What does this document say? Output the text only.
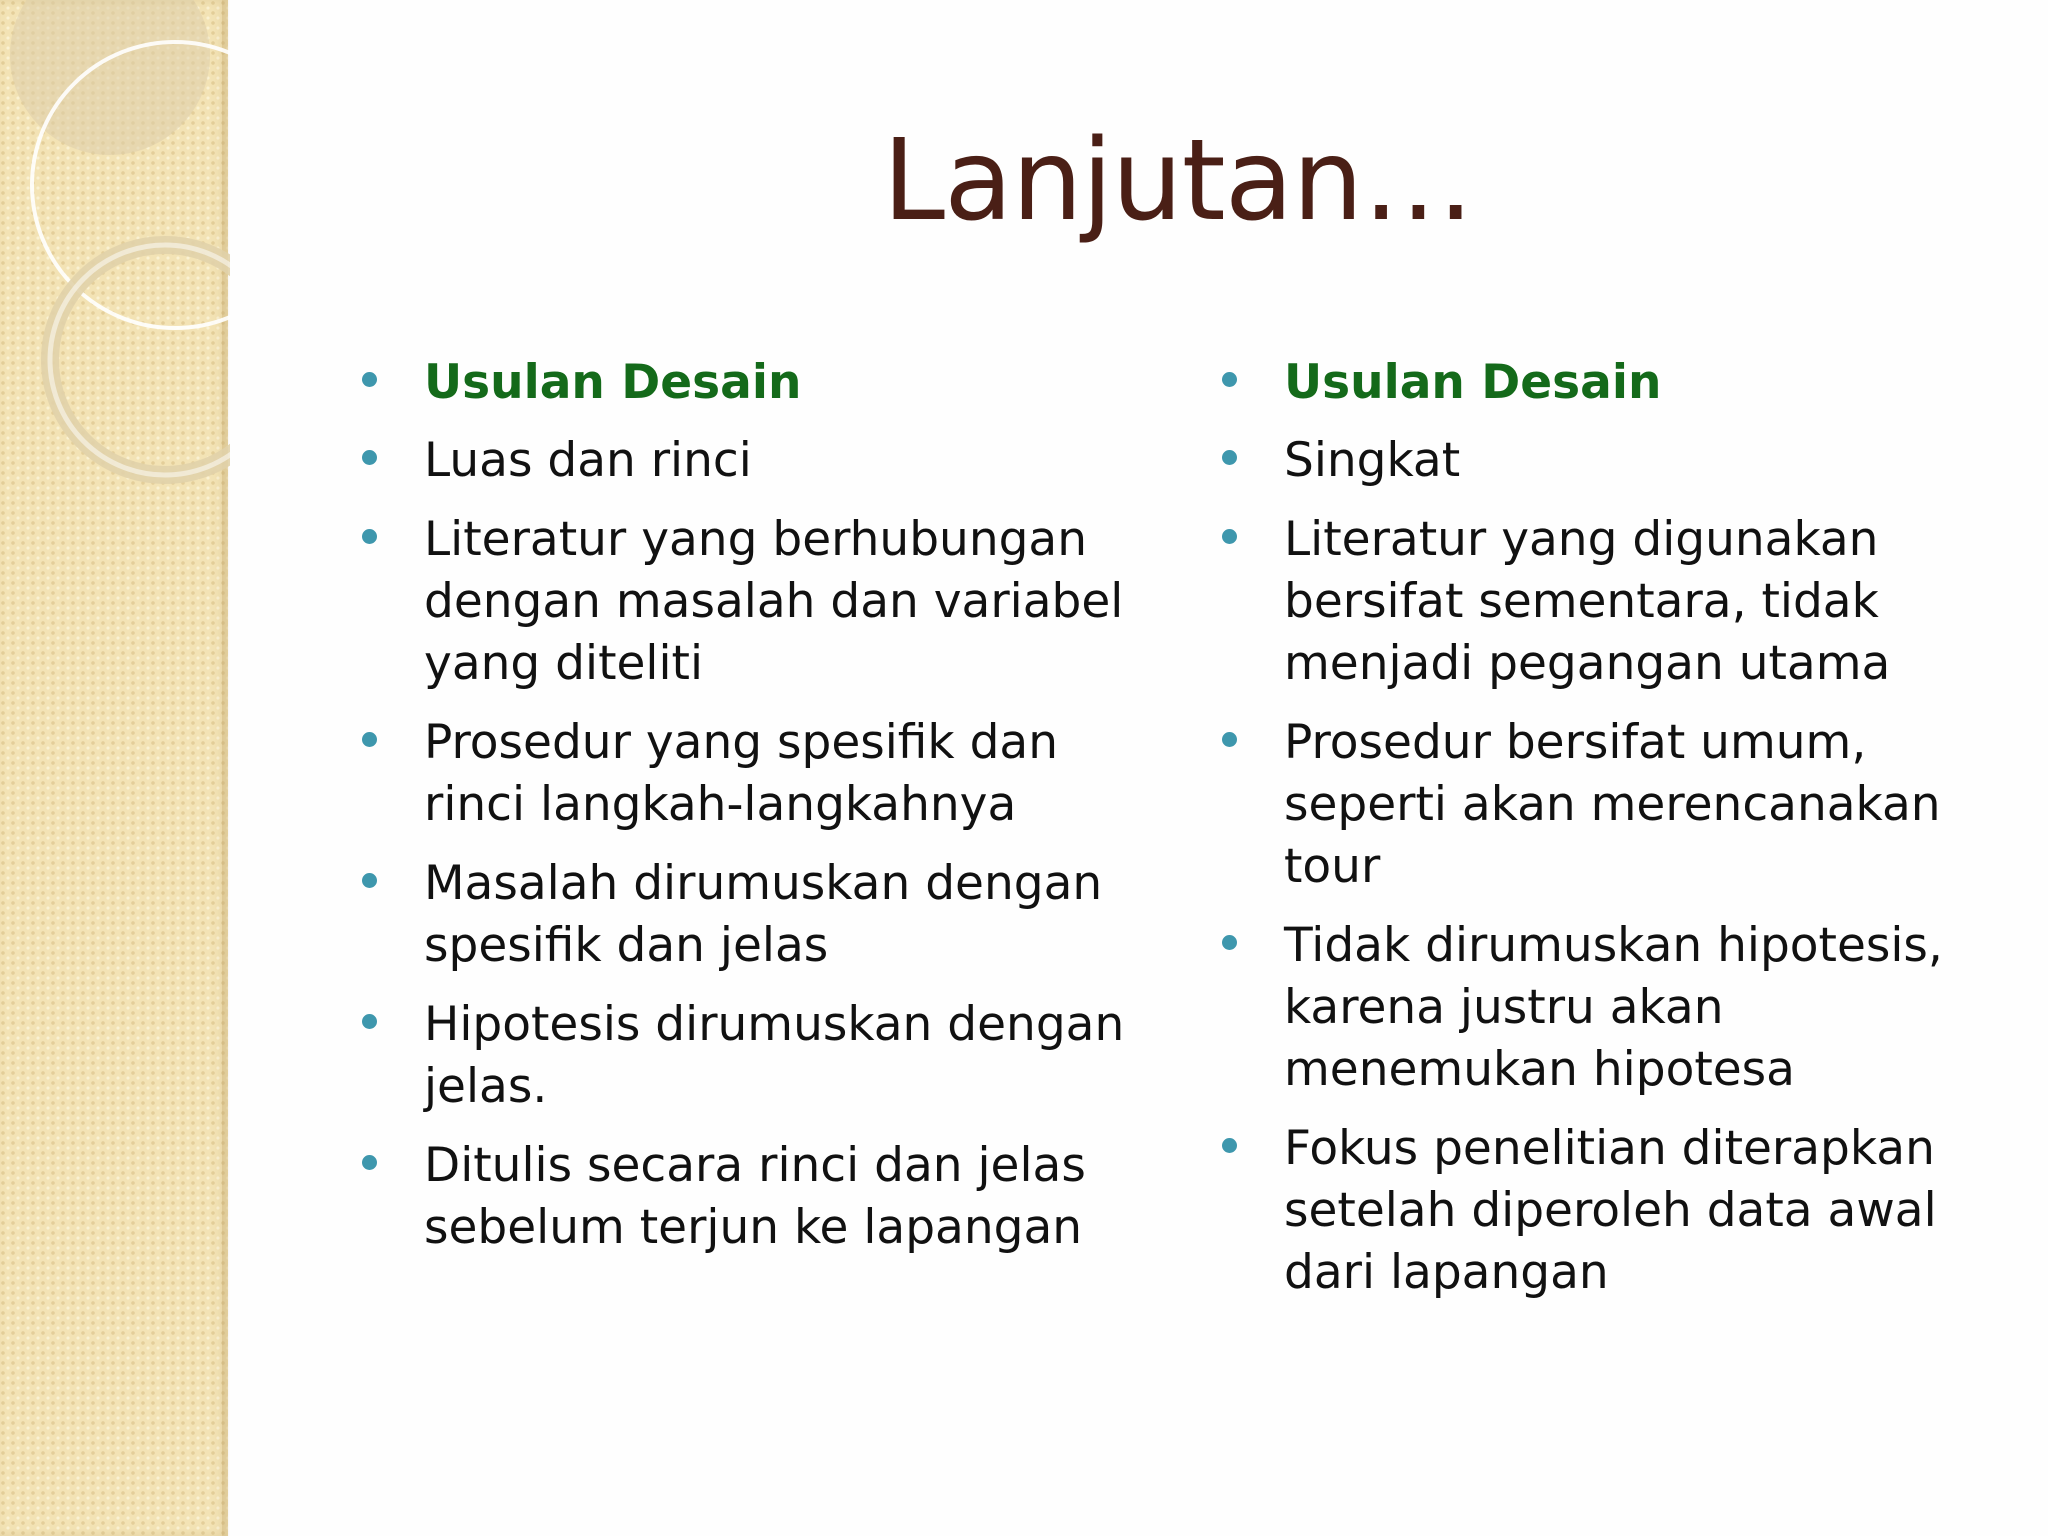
Lanjutan…
Usulan Desain
Luas dan rinci
Literatur yang berhubungan dengan masalah dan variabel yang diteliti
Prosedur yang spesifik dan rinci langkah-langkahnya
Masalah dirumuskan dengan spesifik dan jelas
Hipotesis dirumuskan dengan jelas.
Ditulis secara rinci dan jelas sebelum terjun ke lapangan
Usulan Desain
Singkat
Literatur yang digunakan bersifat sementara, tidak menjadi pegangan utama
Prosedur bersifat umum, seperti akan merencanakan tour
Tidak dirumuskan hipotesis, karena justru akan menemukan hipotesa
Fokus penelitian diterapkan setelah diperoleh data awal dari lapangan
